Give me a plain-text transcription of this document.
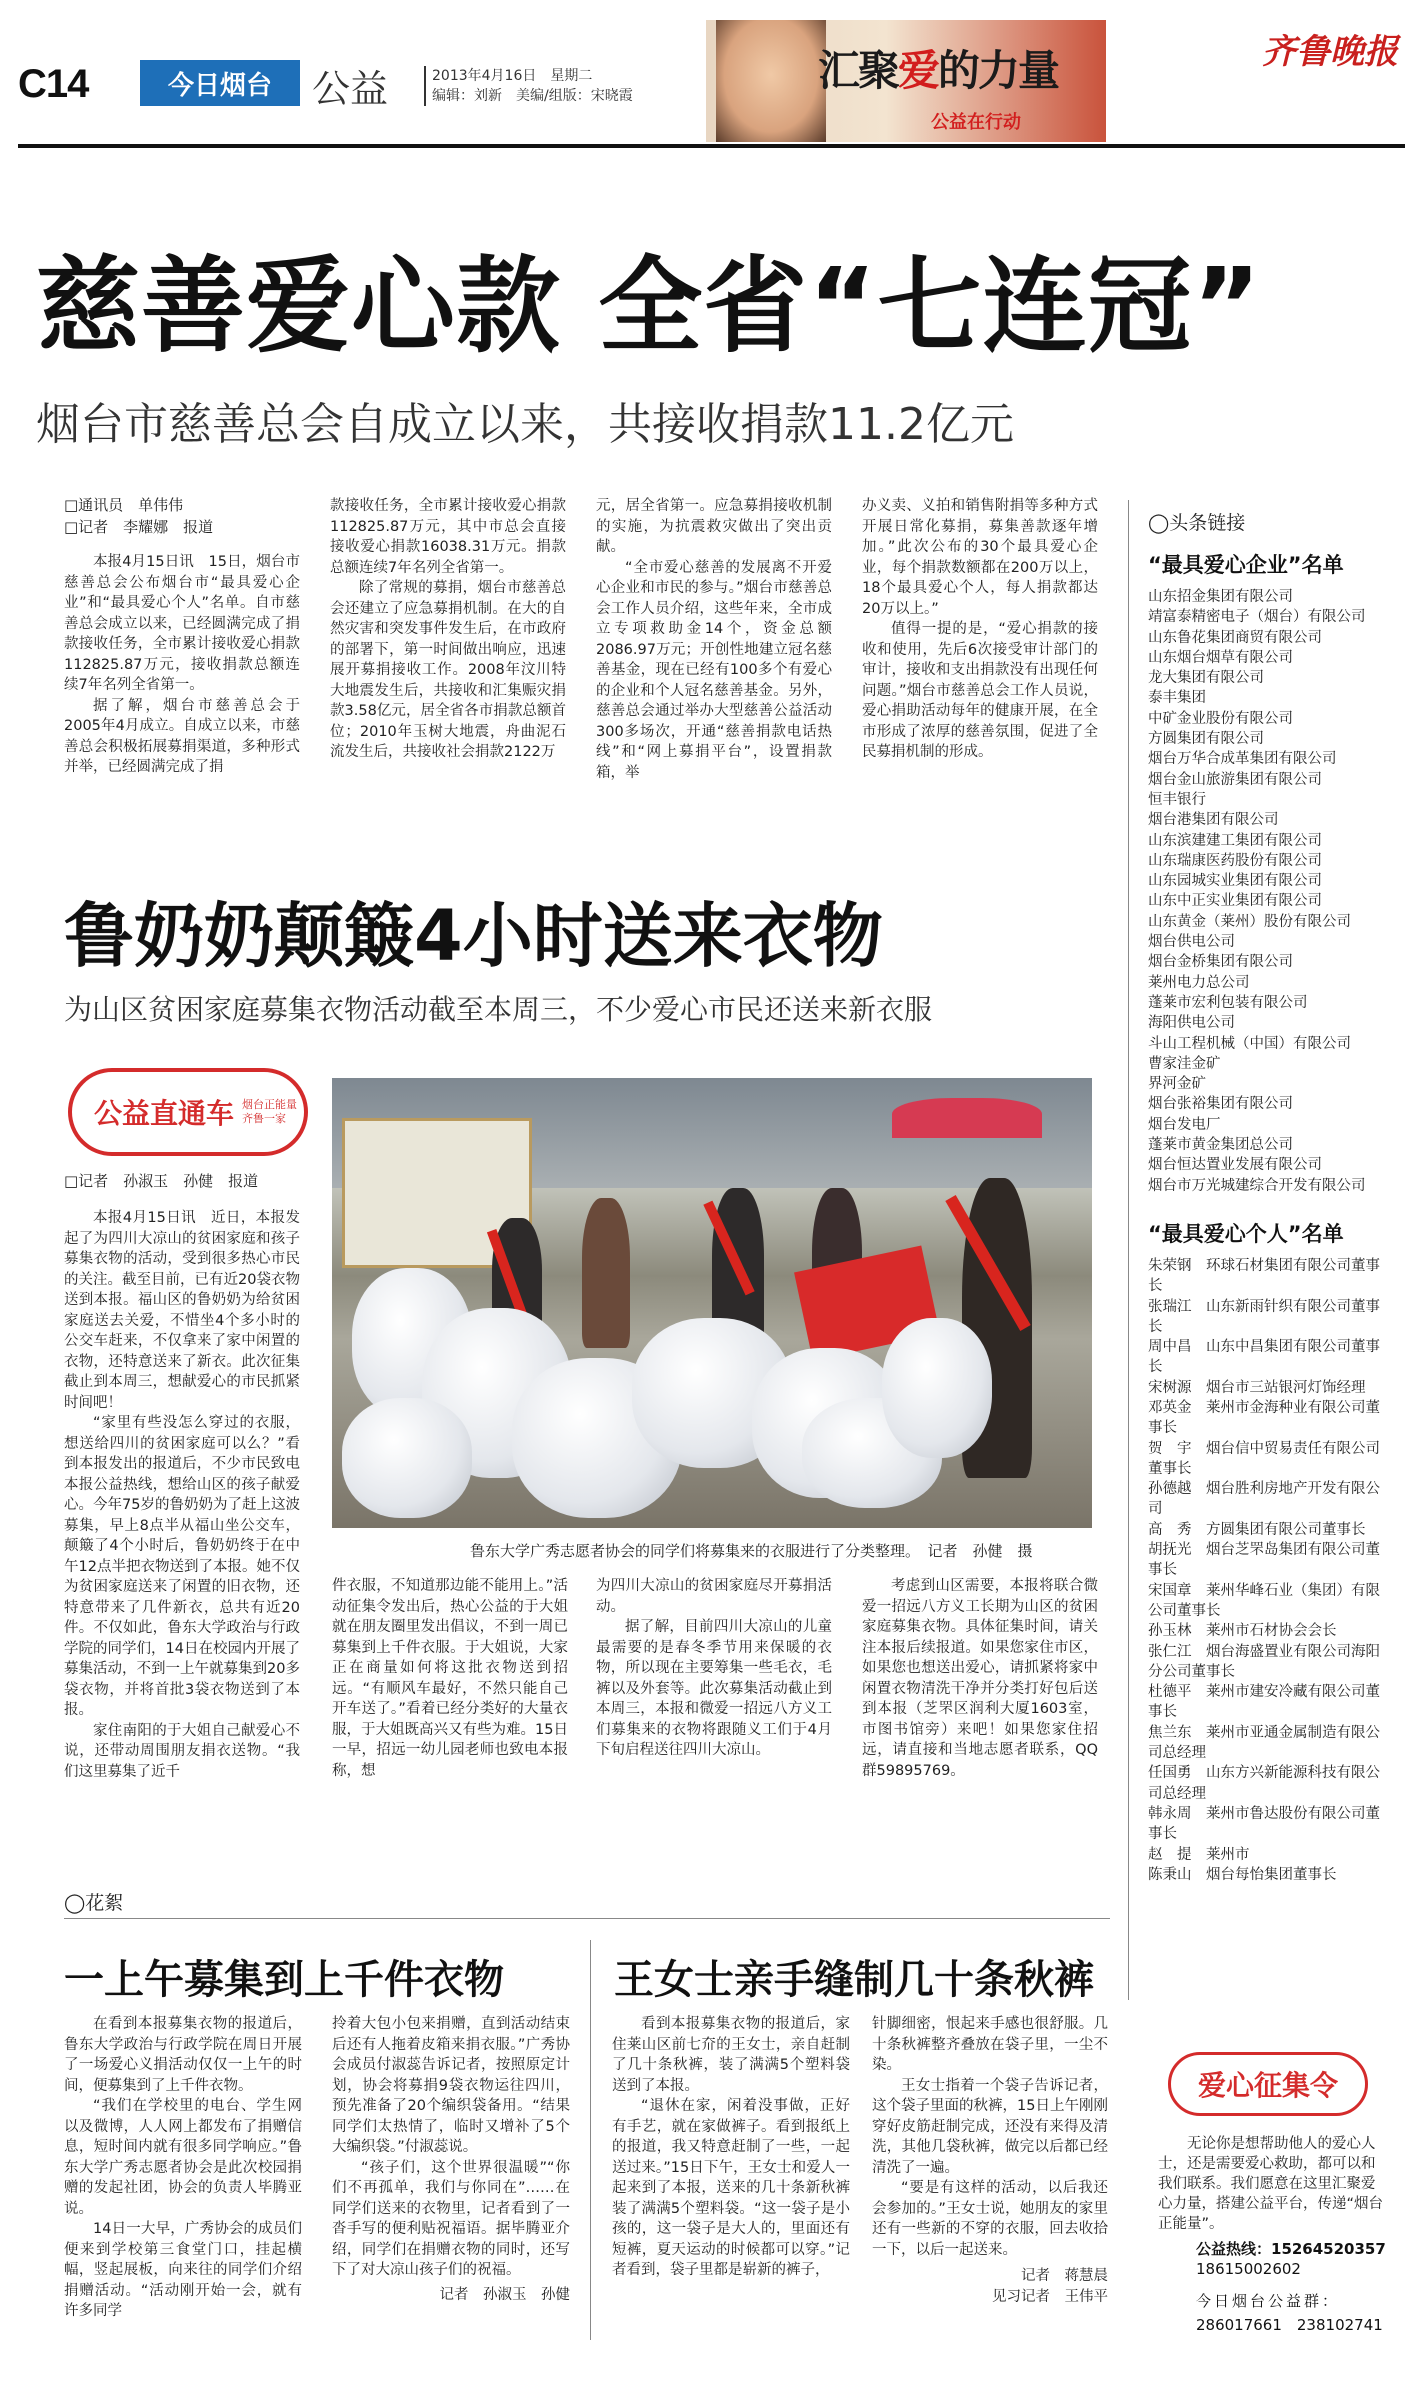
C14	今日烟台	公益	2013年4月16日　星期二
编辑：刘新　美编/组版：宋晓霞
汇聚爱的力量
公益在行动
齐鲁晚报
慈善爱心款 全省“七连冠”
烟台市慈善总会自成立以来，共接收捐款11.2亿元
□通讯员　单伟伟
□记者　李耀娜　报道

本报4月15日讯　15日，烟台市慈善总会公布烟台市“最具爱心企业”和“最具爱心个人”名单。自市慈善总会成立以来，已经圆满完成了捐款接收任务，全市累计接收爱心捐款112825.87万元，接收捐款总额连续7年名列全省第一。

据了解，烟台市慈善总会于2005年4月成立。自成立以来，市慈善总会积极拓展募捐渠道，多种形式并举，已经圆满完成了捐

款接收任务，全市累计接收爱心捐款112825.87万元，其中市总会直接接收爱心捐款16038.31万元。捐款总额连续7年名列全省第一。

除了常规的募捐，烟台市慈善总会还建立了应急募捐机制。在大的自然灾害和突发事件发生后，在市政府的部署下，第一时间做出响应，迅速展开募捐接收工作。2008年汶川特大地震发生后，共接收和汇集赈灾捐款3.58亿元，居全省各市捐款总额首位；2010年玉树大地震，舟曲泥石流发生后，共接收社会捐款2122万

元，居全省第一。应急募捐接收机制的实施，为抗震救灾做出了突出贡献。

“全市爱心慈善的发展离不开爱心企业和市民的参与。”烟台市慈善总会工作人员介绍，这些年来，全市成立专项救助金14个，资金总额2086.97万元；开创性地建立冠名慈善基金，现在已经有100多个有爱心的企业和个人冠名慈善基金。另外，慈善总会通过举办大型慈善公益活动300多场次，开通“慈善捐款电话热线”和“网上募捐平台”，设置捐款箱，举

办义卖、义拍和销售附捐等多种方式开展日常化募捐，募集善款逐年增加。”此次公布的30个最具爱心企业，每个捐款数额都在200万以上，18个最具爱心个人，每人捐款都达20万以上。”

值得一提的是，“爱心捐款的接收和使用，先后6次接受审计部门的审计，接收和支出捐款没有出现任何问题。”烟台市慈善总会工作人员说，爱心捐助活动每年的健康开展，在全市形成了浓厚的慈善氛围，促进了全民募捐机制的形成。

◯头条链接
“最具爱心企业”名单
山东招金集团有限公司
靖富泰精密电子（烟台）有限公司
山东鲁花集团商贸有限公司
山东烟台烟草有限公司
龙大集团有限公司
泰丰集团
中矿金业股份有限公司
方圆集团有限公司
烟台万华合成革集团有限公司
烟台金山旅游集团有限公司
恒丰银行
烟台港集团有限公司
山东滨建建工集团有限公司
山东瑞康医药股份有限公司
山东园城实业集团有限公司
山东中正实业集团有限公司
山东黄金（莱州）股份有限公司
烟台供电公司
烟台金桥集团有限公司
莱州电力总公司
蓬莱市宏利包装有限公司
海阳供电公司
斗山工程机械（中国）有限公司
曹家洼金矿
界河金矿
烟台张裕集团有限公司
烟台发电厂
蓬莱市黄金集团总公司
烟台恒达置业发展有限公司
烟台市万光城建综合开发有限公司
“最具爱心个人”名单
朱荣钢　环球石材集团有限公司董事长
张瑞江　山东新雨针织有限公司董事长
周中昌　山东中昌集团有限公司董事长
宋树源　烟台市三站银河灯饰经理
邓英金　莱州市金海种业有限公司董事长
贺　宇　烟台信中贸易责任有限公司董事长
孙德越　烟台胜利房地产开发有限公司
高　秀　方圆集团有限公司董事长
胡抚光　烟台芝罘岛集团有限公司董事长
宋国章　莱州华峰石业（集团）有限公司董事长
孙玉林　莱州市石材协会会长
张仁江　烟台海盛置业有限公司海阳分公司董事长
杜德平　莱州市建安冷藏有限公司董事长
焦兰东　莱州市亚通金属制造有限公司总经理
任国勇　山东方兴新能源科技有限公司总经理
韩永周　莱州市鲁达股份有限公司董事长
赵　提　莱州市
陈秉山　烟台每怡集团董事长
鲁奶奶颠簸4小时送来衣物
为山区贫困家庭募集衣物活动截至本周三，不少爱心市民还送来新衣服
公益直通车 烟台正能量
齐鲁一家
鲁东大学广秀志愿者协会的同学们将募集来的衣服进行了分类整理。　记者　孙健　摄
□记者　孙淑玉　孙健　报道

本报4月15日讯　近日，本报发起了为四川大凉山的贫困家庭和孩子募集衣物的活动，受到很多热心市民的关注。截至目前，已有近20袋衣物送到本报。福山区的鲁奶奶为给贫困家庭送去关爱，不惜坐4个多小时的公交车赶来，不仅拿来了家中闲置的衣物，还特意送来了新衣。此次征集截止到本周三，想献爱心的市民抓紧时间吧！

“家里有些没怎么穿过的衣服，想送给四川的贫困家庭可以么？”看到本报发出的报道后，不少市民致电本报公益热线，想给山区的孩子献爱心。今年75岁的鲁奶奶为了赶上这波募集，早上8点半从福山坐公交车，颠簸了4个小时后，鲁奶奶终于在中午12点半把衣物送到了本报。她不仅为贫困家庭送来了闲置的旧衣物，还特意带来了几件新衣，总共有近20件。不仅如此，鲁东大学政治与行政学院的同学们，14日在校园内开展了募集活动，不到一上午就募集到20多袋衣物，并将首批3袋衣物送到了本报。

家住南阳的于大姐自己献爱心不说，还带动周围朋友捐衣送物。“我们这里募集了近千

件衣服，不知道那边能不能用上。”活动征集令发出后，热心公益的于大姐就在朋友圈里发出倡议，不到一周已募集到上千件衣服。于大姐说，大家正在商量如何将这批衣物送到招远。“有顺风车最好，不然只能自己开车送了。”看着已经分类好的大量衣服，于大姐既高兴又有些为难。15日一早，招远一幼儿园老师也致电本报称，想

为四川大凉山的贫困家庭尽开募捐活动。

据了解，目前四川大凉山的儿童最需要的是春冬季节用来保暖的衣物，所以现在主要筹集一些毛衣，毛裤以及外套等。此次募集活动截止到本周三，本报和微爱一招远八方义工们募集来的衣物将跟随义工们于4月下旬启程送往四川大凉山。

考虑到山区需要，本报将联合微爱一招远八方义工长期为山区的贫困家庭募集衣物。具体征集时间，请关注本报后续报道。如果您家住市区，如果您也想送出爱心，请抓紧将家中闲置衣物清洗干净并分类打好包后送到本报（芝罘区润利大厦1603室，市图书馆旁）来吧！如果您家住招远，请直接和当地志愿者联系，QQ群59895769。

◯花絮
一上午募集到上千件衣物

在看到本报募集衣物的报道后，鲁东大学政治与行政学院在周日开展了一场爱心义捐活动仅仅一上午的时间，便募集到了上千件衣物。

“我们在学校里的电台、学生网以及微博，人人网上都发布了捐赠信息，短时间内就有很多同学响应。”鲁东大学广秀志愿者协会是此次校园捐赠的发起社团，协会的负责人毕腾亚说。

14日一大早，广秀协会的成员们便来到学校第三食堂门口，挂起横幅，竖起展板，向来往的同学们介绍捐赠活动。“活动刚开始一会，就有许多同学

拎着大包小包来捐赠，直到活动结束后还有人拖着皮箱来捐衣服。”广秀协会成员付淑蕊告诉记者，按照原定计划，协会将募捐9袋衣物运往四川，预先准备了20个编织袋备用。“结果同学们太热情了，临时又增补了5个大编织袋。”付淑蕊说。

“孩子们，这个世界很温暖”“你们不再孤单，我们与你同在”……在同学们送来的衣物里，记者看到了一沓手写的便利贴祝福语。据毕腾亚介绍，同学们在捐赠衣物的同时，还写下了对大凉山孩子们的祝福。

记者　孙淑玉　孙健
王女士亲手缝制几十条秋裤

看到本报募集衣物的报道后，家住莱山区前七夼的王女士，亲自赶制了几十条秋裤，装了满满5个塑料袋送到了本报。

“退休在家，闲着没事做，正好有手艺，就在家做裤子。看到报纸上的报道，我又特意赶制了一些，一起送过来。”15日下午，王女士和爱人一起来到了本报，送来的几十条新秋裤装了满满5个塑料袋。“这一袋子是小孩的，这一袋子是大人的，里面还有短裤，夏天运动的时候都可以穿。”记者看到，袋子里都是崭新的裤子，

针脚细密，恨起来手感也很舒服。几十条秋裤整齐叠放在袋子里，一尘不染。

王女士指着一个袋子告诉记者，这个袋子里面的秋裤，15日上午刚刚穿好皮筋赶制完成，还没有来得及清洗，其他几袋秋裤，做完以后都已经清洗了一遍。

“要是有这样的活动，以后我还会参加的。”王女士说，她朋友的家里还有一些新的不穿的衣服，回去收拾一下，以后一起送来。

记者　蒋慧晨
见习记者　王伟平
爱心征集令
无论你是想帮助他人的爱心人士，还是需要爱心救助，都可以和我们联系。我们愿意在这里汇聚爱心力量，搭建公益平台，传递“烟台正能量”。
公益热线：15264520357
18615002602
今日烟台公益群：
286017661　238102741
